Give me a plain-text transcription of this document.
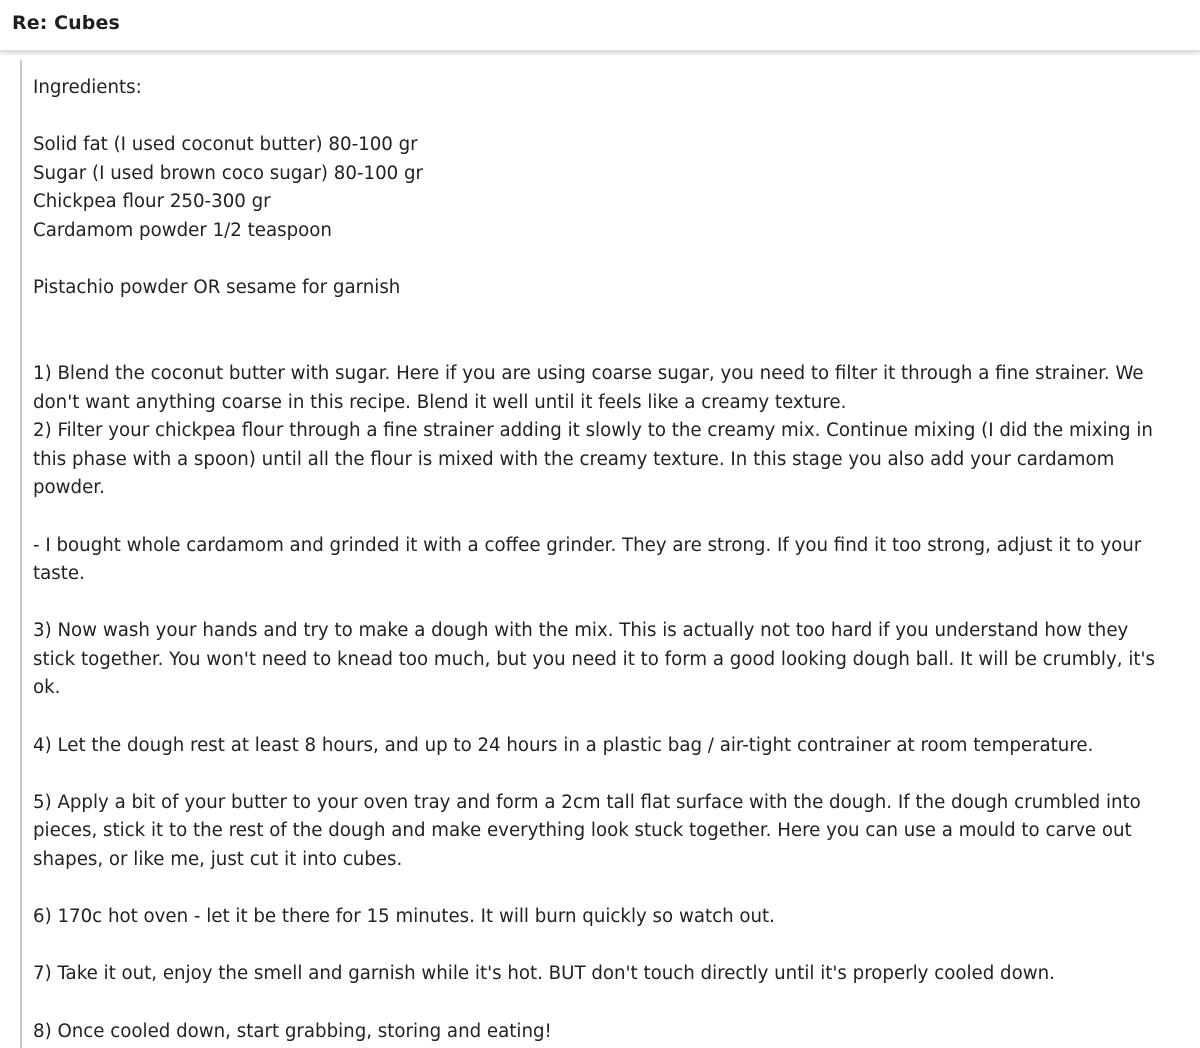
Re: Cubes
Ingredients:
Solid fat (I used coconut butter) 80-100 gr
Sugar (I used brown coco sugar) 80-100 gr
Chickpea flour 250-300 gr
Cardamom powder 1/2 teaspoon
Pistachio powder OR sesame for garnish
1) Blend the coconut butter with sugar. Here if you are using coarse sugar, you need to filter it through a fine strainer. We
don't want anything coarse in this recipe. Blend it well until it feels like a creamy texture.
2) Filter your chickpea flour through a fine strainer adding it slowly to the creamy mix. Continue mixing (I did the mixing in
this phase with a spoon) until all the flour is mixed with the creamy texture. In this stage you also add your cardamom
powder.
- I bought whole cardamom and grinded it with a coffee grinder. They are strong. If you find it too strong, adjust it to your
taste.
3) Now wash your hands and try to make a dough with the mix. This is actually not too hard if you understand how they
stick together. You won't need to knead too much, but you need it to form a good looking dough ball. It will be crumbly, it's
ok.
4) Let the dough rest at least 8 hours, and up to 24 hours in a plastic bag / air-tight contrainer at room temperature.
5) Apply a bit of your butter to your oven tray and form a 2cm tall flat surface with the dough. If the dough crumbled into
pieces, stick it to the rest of the dough and make everything look stuck together. Here you can use a mould to carve out
shapes, or like me, just cut it into cubes.
6) 170c hot oven - let it be there for 15 minutes. It will burn quickly so watch out.
7) Take it out, enjoy the smell and garnish while it's hot. BUT don't touch directly until it's properly cooled down.
8) Once cooled down, start grabbing, storing and eating!
